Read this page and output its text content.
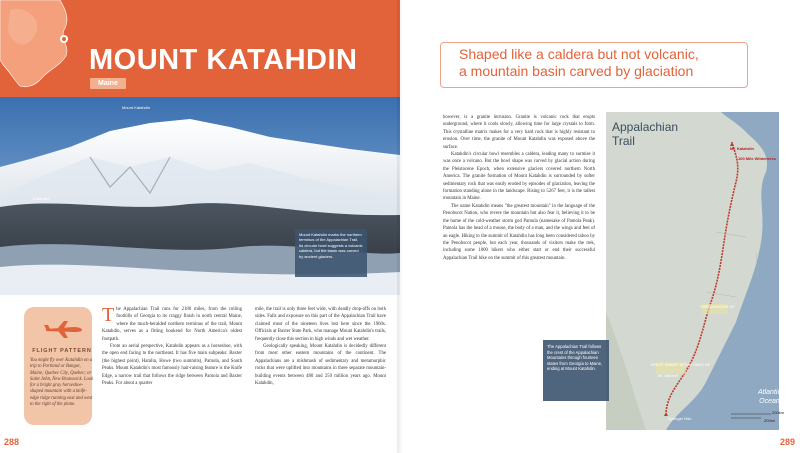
MOUNT KATAHDIN
Maine
Mount Katahdin
Katahdin
Mount Katahdin marks the northern terminus of the Appalachian Trail. Its circular bowl suggests a volcanic caldera, but the basin was carved by ancient glaciers.
FLIGHT PATTERN
You might fly over Katahdin on a trip to Portland or Bangor, Maine; Quebec City, Quebec; or Saint John, New Brunswick. Look for a bright gray horseshoe-shaped mountain with a knife-edge ridge running east and west to the right of the plane.

The Appalachian Trail runs for 2180 miles, from the rolling foothills of Georgia to its craggy finish in north central Maine, where the much-heralded northern terminus of the trail, Mount Katahdin, serves as a fitting bookend for North America's oldest footpath.

From an aerial perspective, Katahdin appears as a horseshoe, with the open end facing to the northeast. It has five main subpeaks: Baxter (the highest point), Hamlin, Howe (two summits), Pamola, and South Peaks. Mount Katahdin's most famously hair-raising feature is the Knife Edge, a narrow trail that follows the ridge between Pamola and Baxter Peaks. For about a quarter

mile, the trail is only three feet wide, with deadly drop-offs on both sides. Falls and exposure on this part of the Appalachian Trail have claimed most of the nineteen lives lost here since the 1960s. Officials at Baxter State Park, who manage Mount Katahdin's trails, frequently close this section in high winds and wet weather.

Geologically speaking, Mount Katahdin is decidedly different from most other eastern mountains of the continent. The Appalachians are a mishmash of sedimentary and metamorphic rocks that were uplifted into mountains in three separate mountain-building events between 480 and 250 million years ago. Mount Katahdin,

288
Shaped like a caldera but not volcanic, a mountain basin carved by glaciation

however, is a granite intrusion. Granite is volcanic rock that erupts underground, where it cools slowly, allowing time for large crystals to form. This crystalline matrix makes for a very hard rock that is highly resistant to erosion. Over time, the granite of Mount Katahdin was exposed above the surface.

Katahdin's circular bowl resembles a caldera, leading many to surmise it was once a volcano. But the bowl shape was carved by glacial action during the Pleistocene Epoch, when extensive glaciers covered northern North America. The granite formation of Mount Katahdin is surrounded by softer sedimentary rock that was easily eroded by episodes of glaciation, leaving the formation standing alone in the landscape. Rising to 5267 feet, it is the tallest mountain in Maine.

The name Katahdin means "the greatest mountain" in the language of the Penobscot Nation, who revere the mountain but also fear it, believing it to be the home of the cold-weather storm god Pamola (namesake of Pamola Peak). Pamola has the head of a moose, the body of a man, and the wings and feet of an eagle. Hiking to the summit of Katahdin has long been considered taboo by the Penobscot people, but each year, thousands of visitors make the trek, including some 1000 hikers who either start or end their successful Appalachian Trail hike on the summit of this greatest mountain.

Appalachian
Trail
Mt. Katahdin
100 Mile Wilderness
SHENANDOAH NP
GREAT SMOKY MOUNTAINS NP
Mt. Mitchell
Springer Mtn.
200km
200mi
Atlantic
Ocean
The Appalachian Trail follows the crest of the Appalachian Mountains through fourteen states from Georgia to Maine, ending at Mount Katahdin.
289
